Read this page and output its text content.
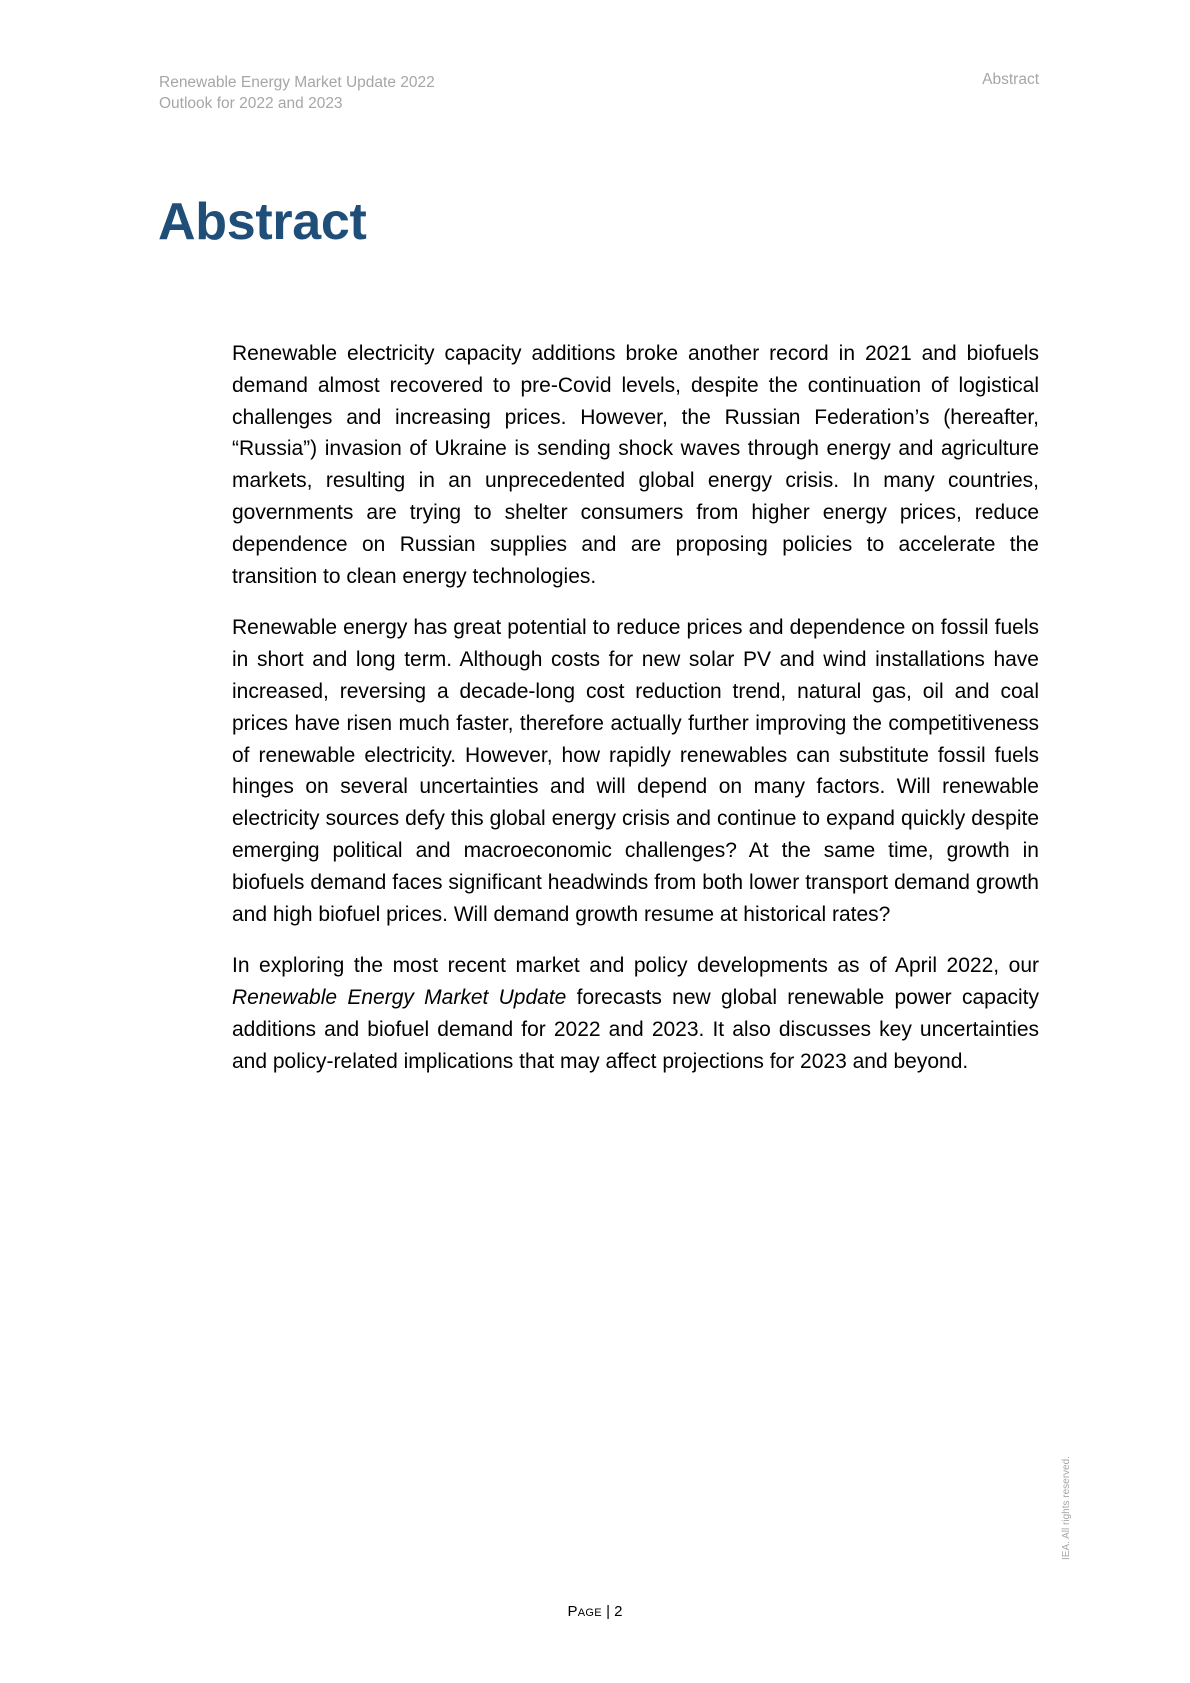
Renewable Energy Market Update 2022
Outlook for 2022 and 2023
Abstract
Abstract

Renewable electricity capacity additions broke another record in 2021 and biofuels demand almost recovered to pre-Covid levels, despite the continuation of logistical challenges and increasing prices. However, the Russian Federation’s (hereafter, “Russia”) invasion of Ukraine is sending shock waves through energy and agriculture markets, resulting in an unprecedented global energy crisis. In many countries, governments are trying to shelter consumers from higher energy prices, reduce dependence on Russian supplies and are proposing policies to accelerate the transition to clean energy technologies.

Renewable energy has great potential to reduce prices and dependence on fossil fuels in short and long term. Although costs for new solar PV and wind installations have increased, reversing a decade-long cost reduction trend, natural gas, oil and coal prices have risen much faster, therefore actually further improving the competitiveness of renewable electricity. However, how rapidly renewables can substitute fossil fuels hinges on several uncertainties and will depend on many factors. Will renewable electricity sources defy this global energy crisis and continue to expand quickly despite emerging political and macroeconomic challenges? At the same time, growth in biofuels demand faces significant headwinds from both lower transport demand growth and high biofuel prices. Will demand growth resume at historical rates?

In exploring the most recent market and policy developments as of April 2022, our Renewable Energy Market Update forecasts new global renewable power capacity additions and biofuel demand for 2022 and 2023. It also discusses key uncertainties and policy-related implications that may affect projections for 2023 and beyond.

Page | 2
IEA. All rights reserved.
